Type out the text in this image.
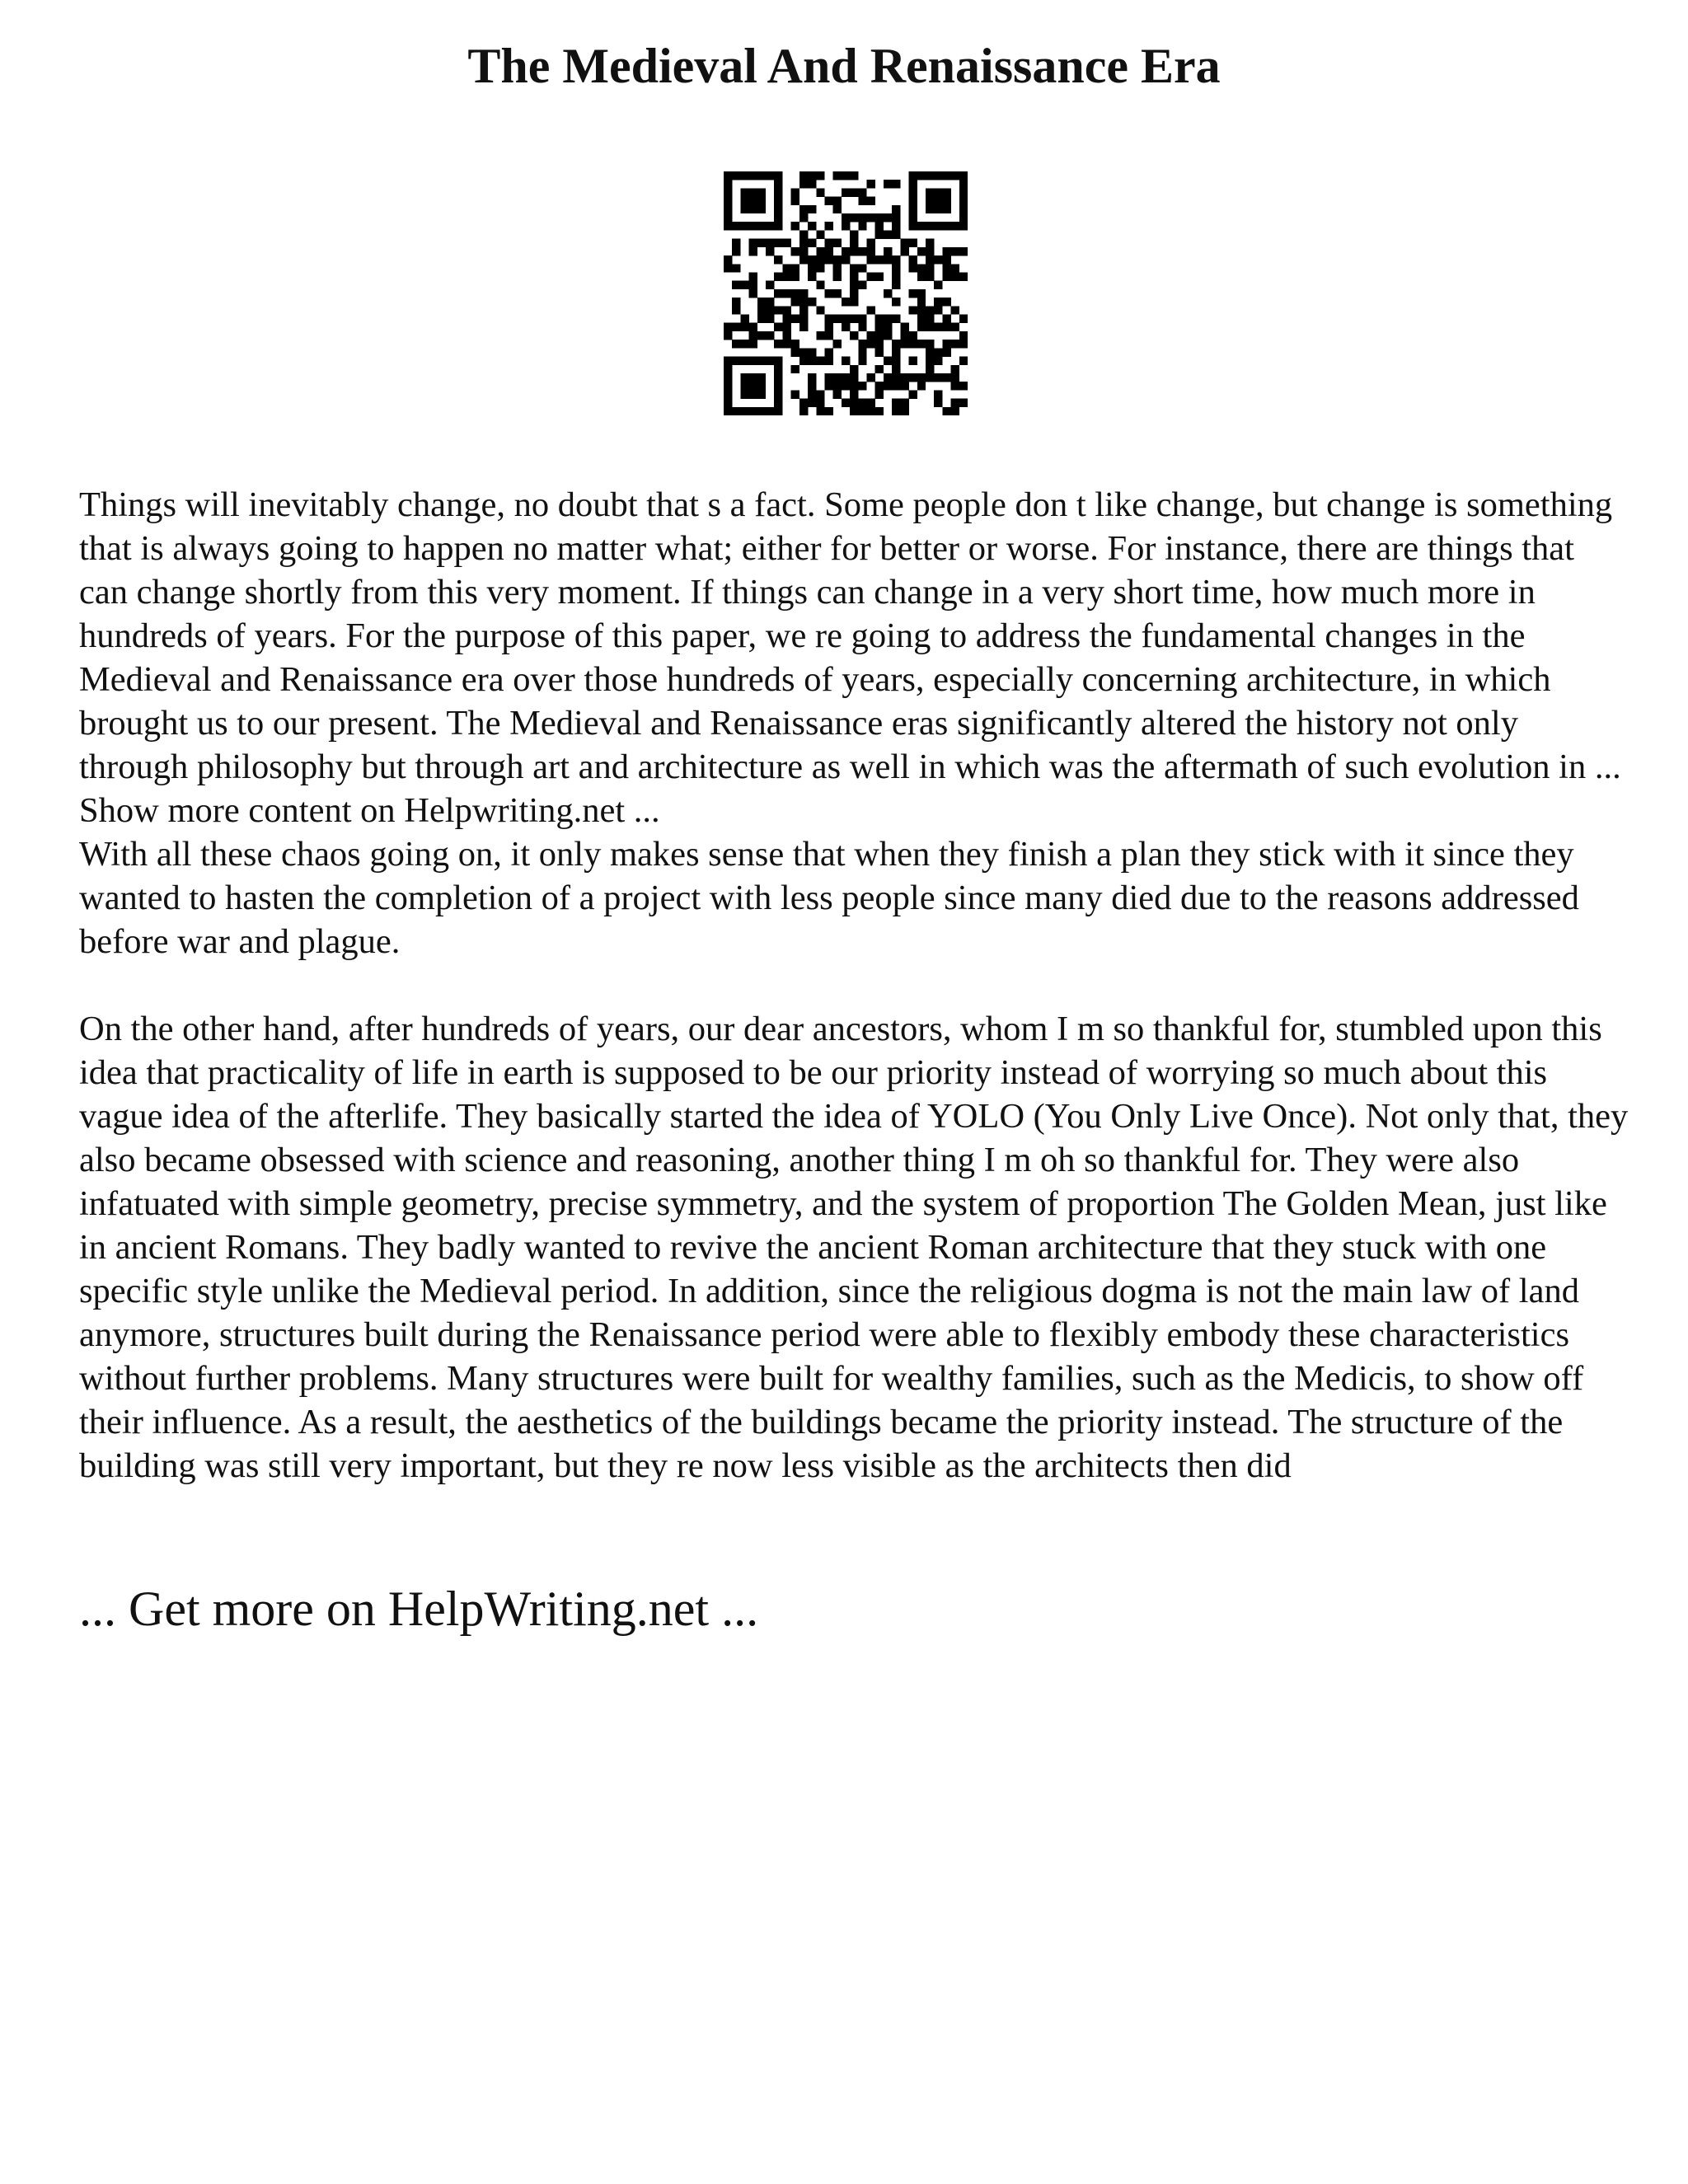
The Medieval And Renaissance Era

Things will inevitably change, no doubt that s a fact. Some people don t like change, but change is something that is always going to happen no matter what; either for better or worse. For instance, there are things that can change shortly from this very moment. If things can change in a very short time, how much more in hundreds of years. For the purpose of this paper, we re going to address the fundamental changes in the Medieval and Renaissance era over those hundreds of years, especially concerning architecture, in which brought us to our present. The Medieval and Renaissance eras significantly altered the history not only through philosophy but through art and architecture as well in which was the aftermath of such evolution in ... Show more content on Helpwriting.net ...

With all these chaos going on, it only makes sense that when they finish a plan they stick with it since they wanted to hasten the completion of a project with less people since many died due to the reasons addressed before war and plague.

On the other hand, after hundreds of years, our dear ancestors, whom I m so thankful for, stumbled upon this idea that practicality of life in earth is supposed to be our priority instead of worrying so much about this vague idea of the afterlife. They basically started the idea of YOLO (You Only Live Once). Not only that, they also became obsessed with science and reasoning, another thing I m oh so thankful for. They were also infatuated with simple geometry, precise symmetry, and the system of proportion The Golden Mean, just like in ancient Romans. They badly wanted to revive the ancient Roman architecture that they stuck with one specific style unlike the Medieval period. In addition, since the religious dogma is not the main law of land anymore, structures built during the Renaissance period were able to flexibly embody these characteristics without further problems. Many structures were built for wealthy families, such as the Medicis, to show off their influence. As a result, the aesthetics of the buildings became the priority instead. The structure of the building was still very important, but they re now less visible as the architects then did

... Get more on HelpWriting.net ...
